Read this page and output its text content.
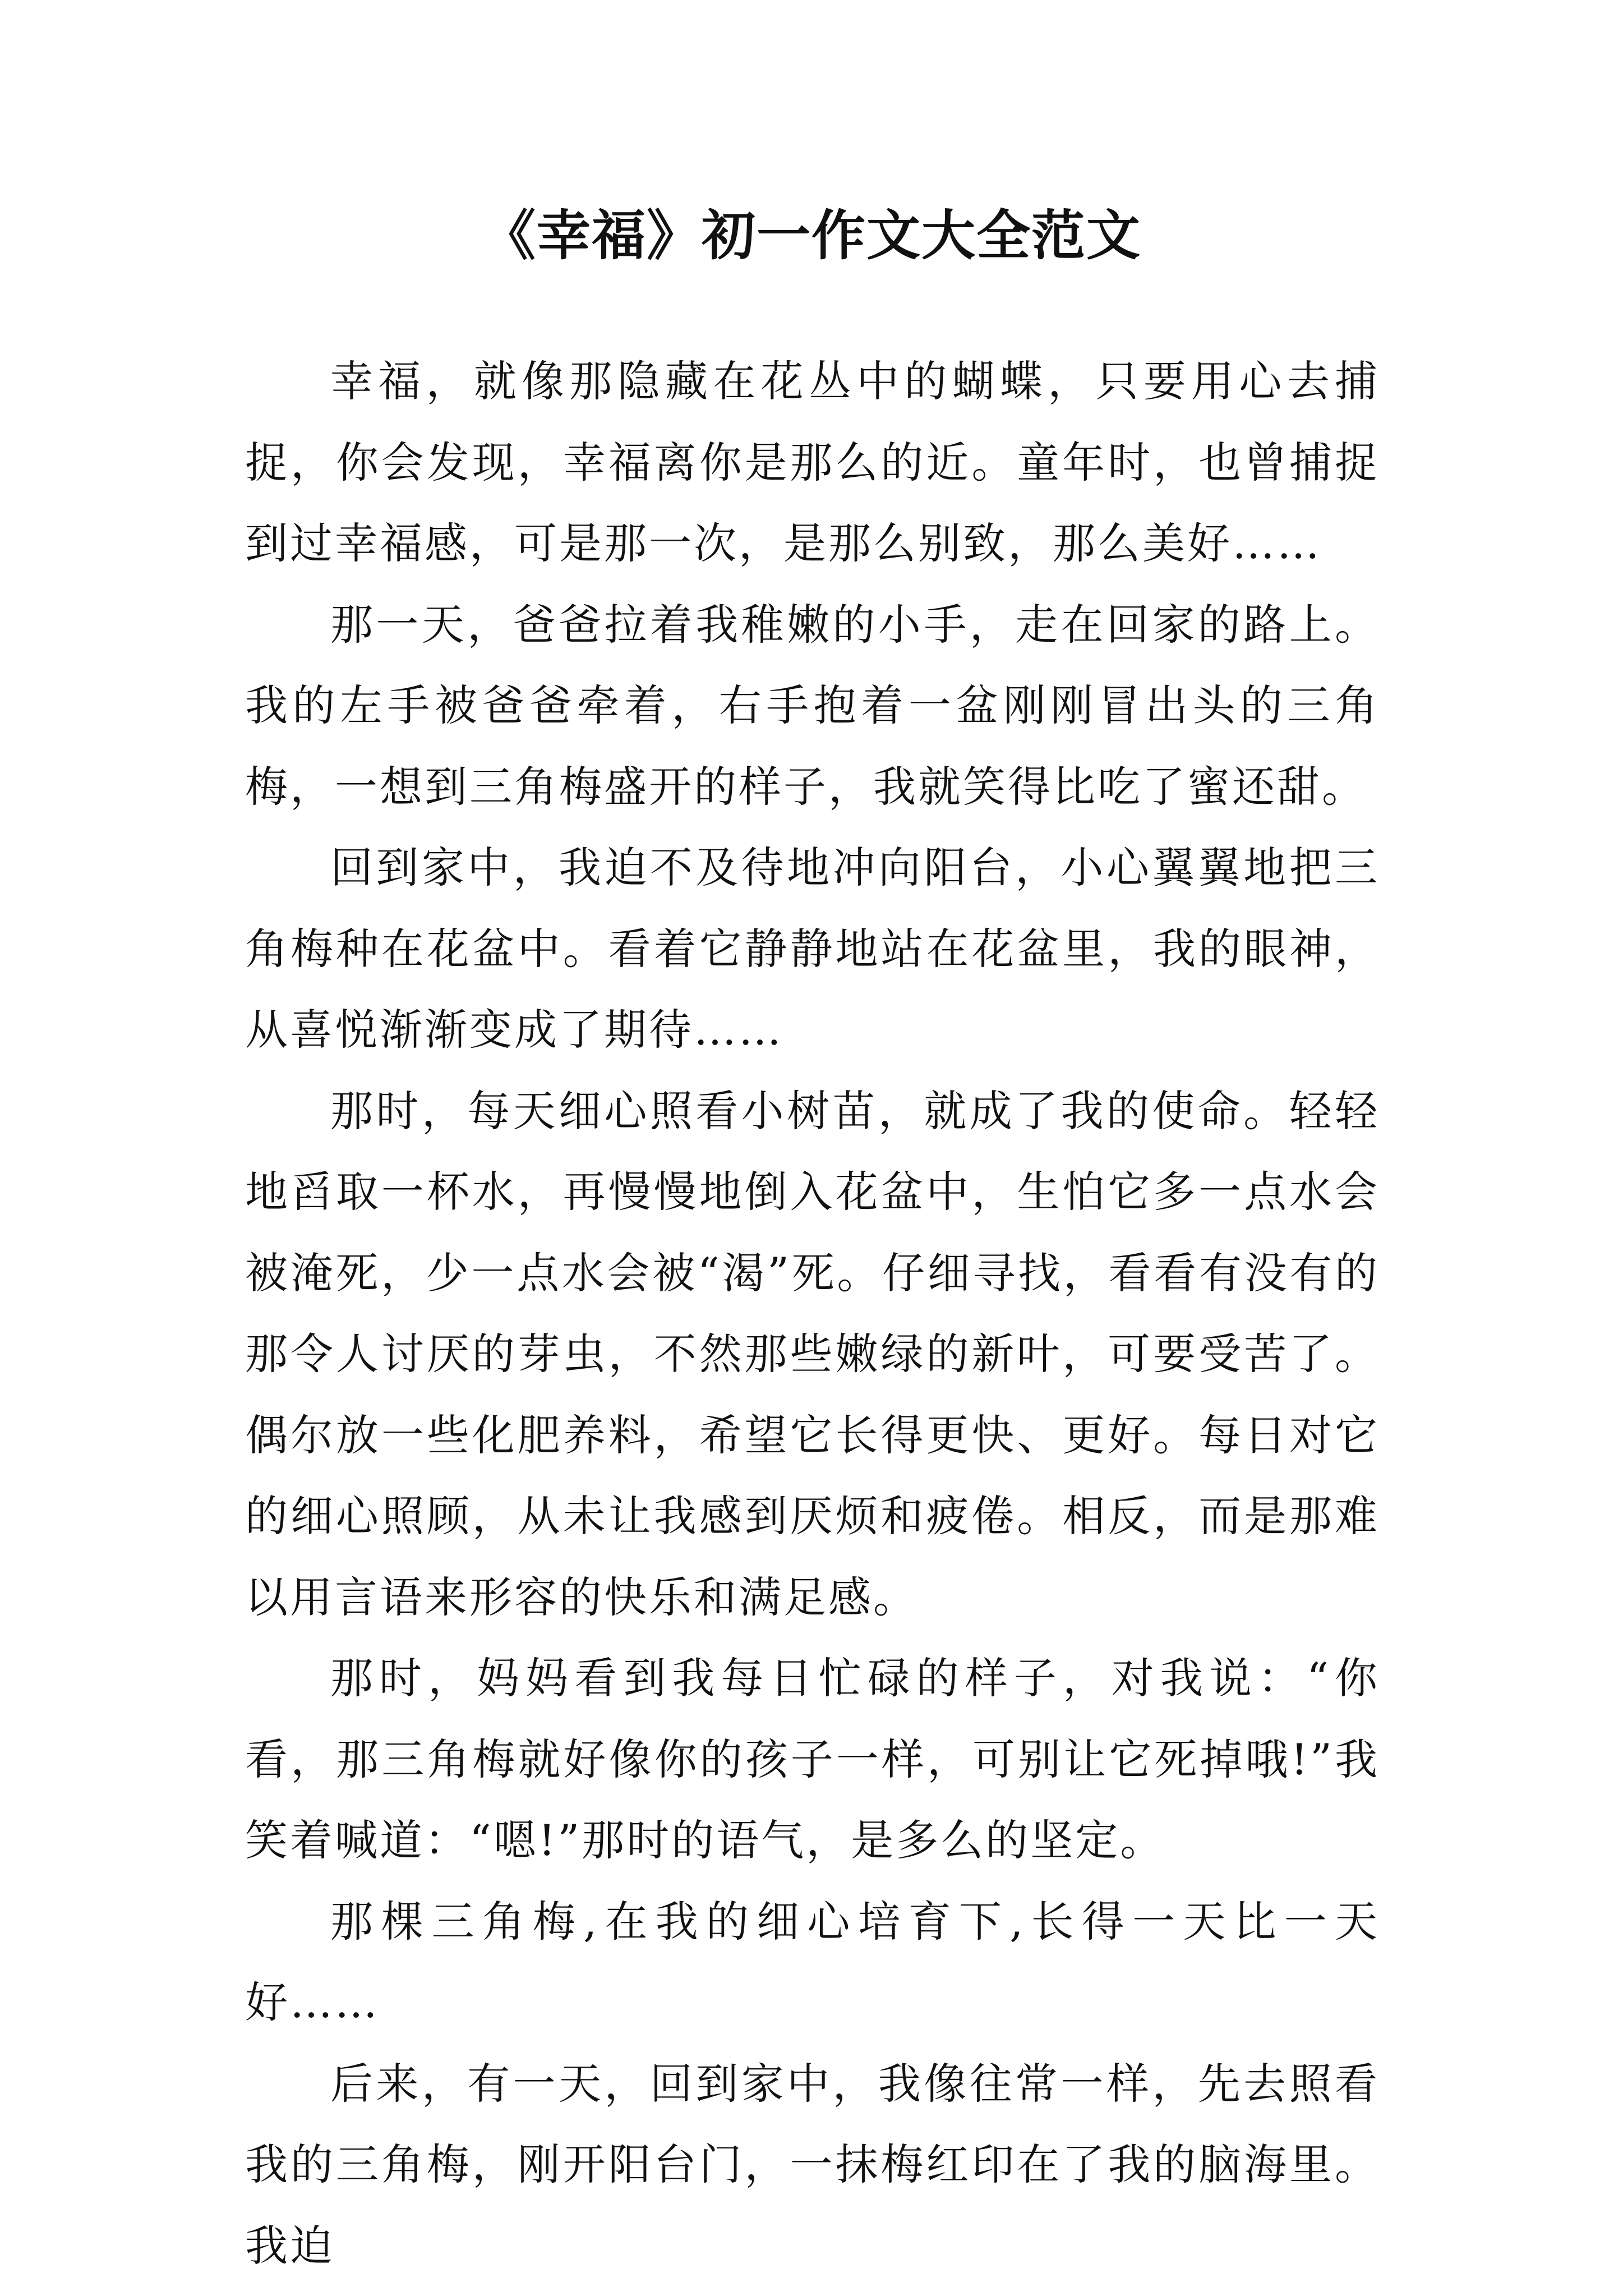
《幸福》初一作文大全范文

幸福，就像那隐藏在花丛中的蝴蝶，只要用心去捕捉，你会发现，幸福离你是那么的近。童年时，也曾捕捉到过幸福感，可是那一次，是那么别致，那么美好……

那一天，爸爸拉着我稚嫩的小手，走在回家的路上。我的左手被爸爸牵着，右手抱着一盆刚刚冒出头的三角梅，一想到三角梅盛开的样子，我就笑得比吃了蜜还甜。

回到家中，我迫不及待地冲向阳台，小心翼翼地把三角梅种在花盆中。看着它静静地站在花盆里，我的眼神，从喜悦渐渐变成了期待……

那时，每天细心照看小树苗，就成了我的使命。轻轻地舀取一杯水，再慢慢地倒入花盆中，生怕它多一点水会被淹死，少一点水会被“渴”死。仔细寻找，看看有没有的那令人讨厌的芽虫，不然那些嫩绿的新叶，可要受苦了。偶尔放一些化肥养料，希望它长得更快、更好。每日对它的细心照顾，从未让我感到厌烦和疲倦。相反，而是那难以用言语来形容的快乐和满足感。

那时，妈妈看到我每日忙碌的样子，对我说：“你看，那三角梅就好像你的孩子一样，可别让它死掉哦!”我笑着喊道：“嗯!”那时的语气，是多么的坚定。

那棵三角梅,在我的细心培育下,长得一天比一天好……

后来，有一天，回到家中，我像往常一样，先去照看我的三角梅，刚开阳台门，一抹梅红印在了我的脑海里。我迫
